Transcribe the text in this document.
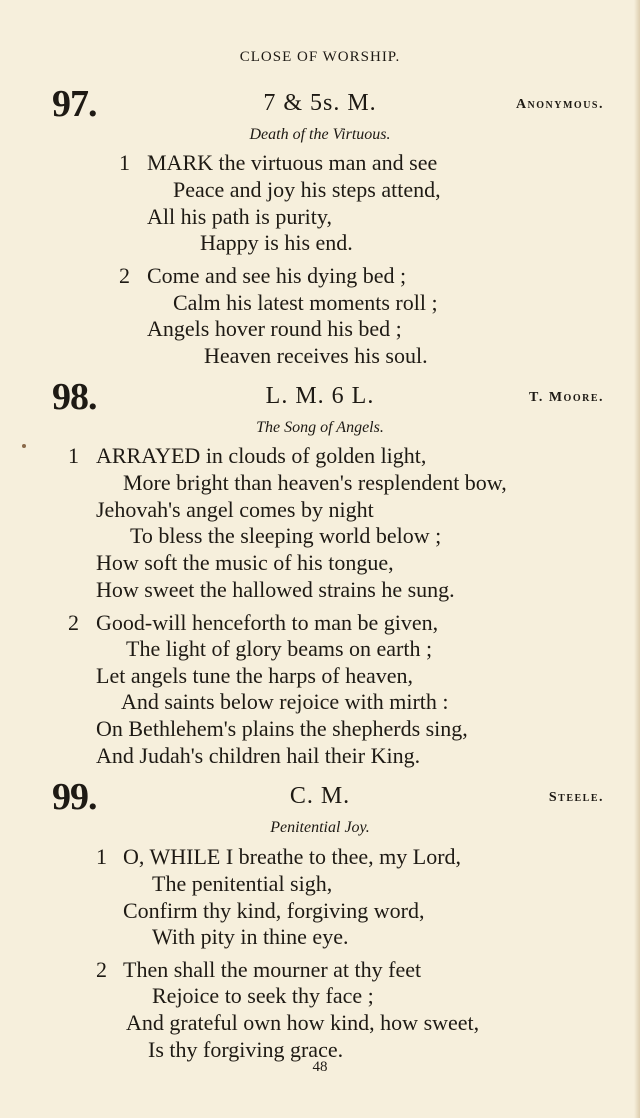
CLOSE OF WORSHIP.
97.	7 & 5s. M.	Anonymous.
Death of the Virtuous.
1 MARK the virtuous man and see
Peace and joy his steps attend,
All his path is purity,
Happy is his end.
2 Come and see his dying bed ;
Calm his latest moments roll ;
Angels hover round his bed ;
Heaven receives his soul.
98.	L. M. 6 L.	T. Moore.
The Song of Angels.
1 ARRAYED in clouds of golden light,
More bright than heaven's resplendent bow,
Jehovah's angel comes by night
To bless the sleeping world below ;
How soft the music of his tongue,
How sweet the hallowed strains he sung.
2 Good-will henceforth to man be given,
The light of glory beams on earth ;
Let angels tune the harps of heaven,
And saints below rejoice with mirth :
On Bethlehem's plains the shepherds sing,
And Judah's children hail their King.
99.	C. M.	Steele.
Penitential Joy.
1 O, WHILE I breathe to thee, my Lord,
The penitential sigh,
Confirm thy kind, forgiving word,
With pity in thine eye.
2 Then shall the mourner at thy feet
Rejoice to seek thy face ;
And grateful own how kind, how sweet,
Is thy forgiving grace.
48
